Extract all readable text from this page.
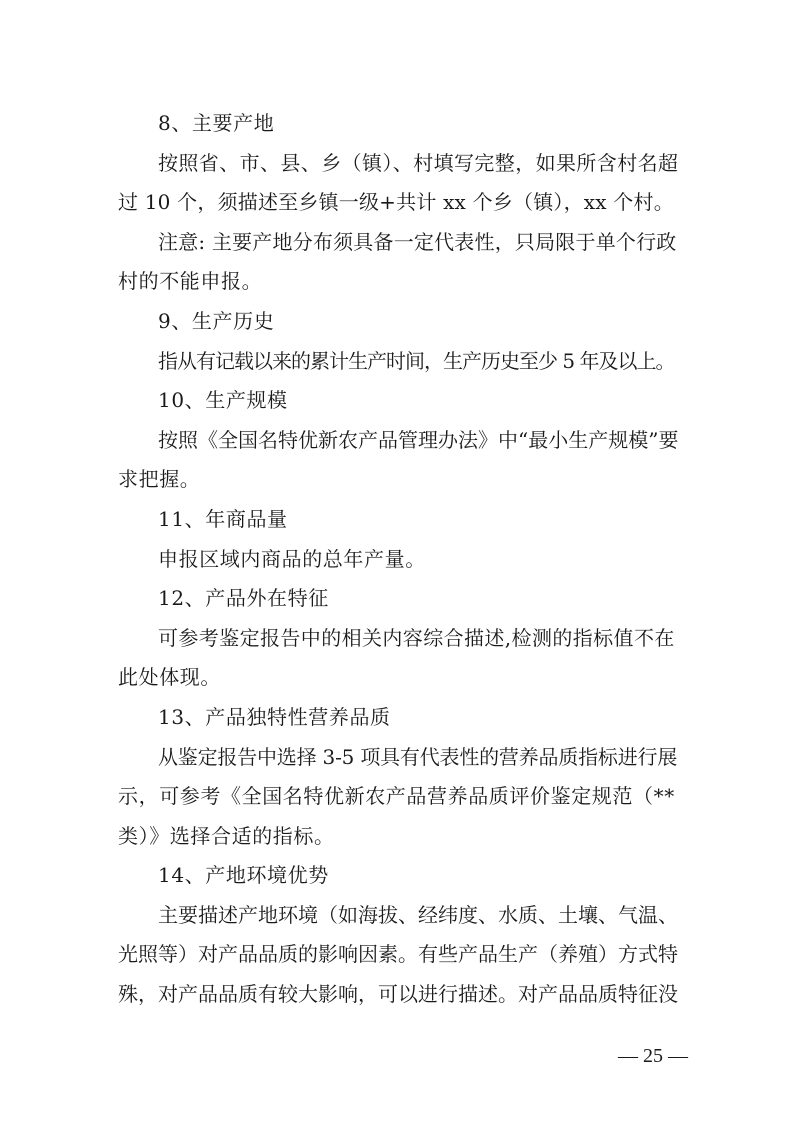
8、主要产地
按照省、市、县、乡（镇）、村填写完整，如果所含村名超
过 10 个，须描述至乡镇一级+共计 xx 个乡（镇），xx 个村。
注意: 主要产地分布须具备一定代表性，只局限于单个行政
村的不能申报。
9、生产历史
指从有记载以来的累计生产时间，生产历史至少 5 年及以上。
10、生产规模
按照《全国名特优新农产品管理办法》中“最小生产规模”要
求把握。
11、年商品量
申报区域内商品的总年产量。
12、产品外在特征
可参考鉴定报告中的相关内容综合描述,检测的指标值不在
此处体现。
13、产品独特性营养品质
从鉴定报告中选择 3-5 项具有代表性的营养品质指标进行展
示，可参考《全国名特优新农产品营养品质评价鉴定规范（**
类）》选择合适的指标。
14、产地环境优势
主要描述产地环境（如海拔、经纬度、水质、土壤、气温、
光照等）对产品品质的影响因素。有些产品生产（养殖）方式特
殊，对产品品质有较大影响，可以进行描述。对产品品质特征没
— 25 —
